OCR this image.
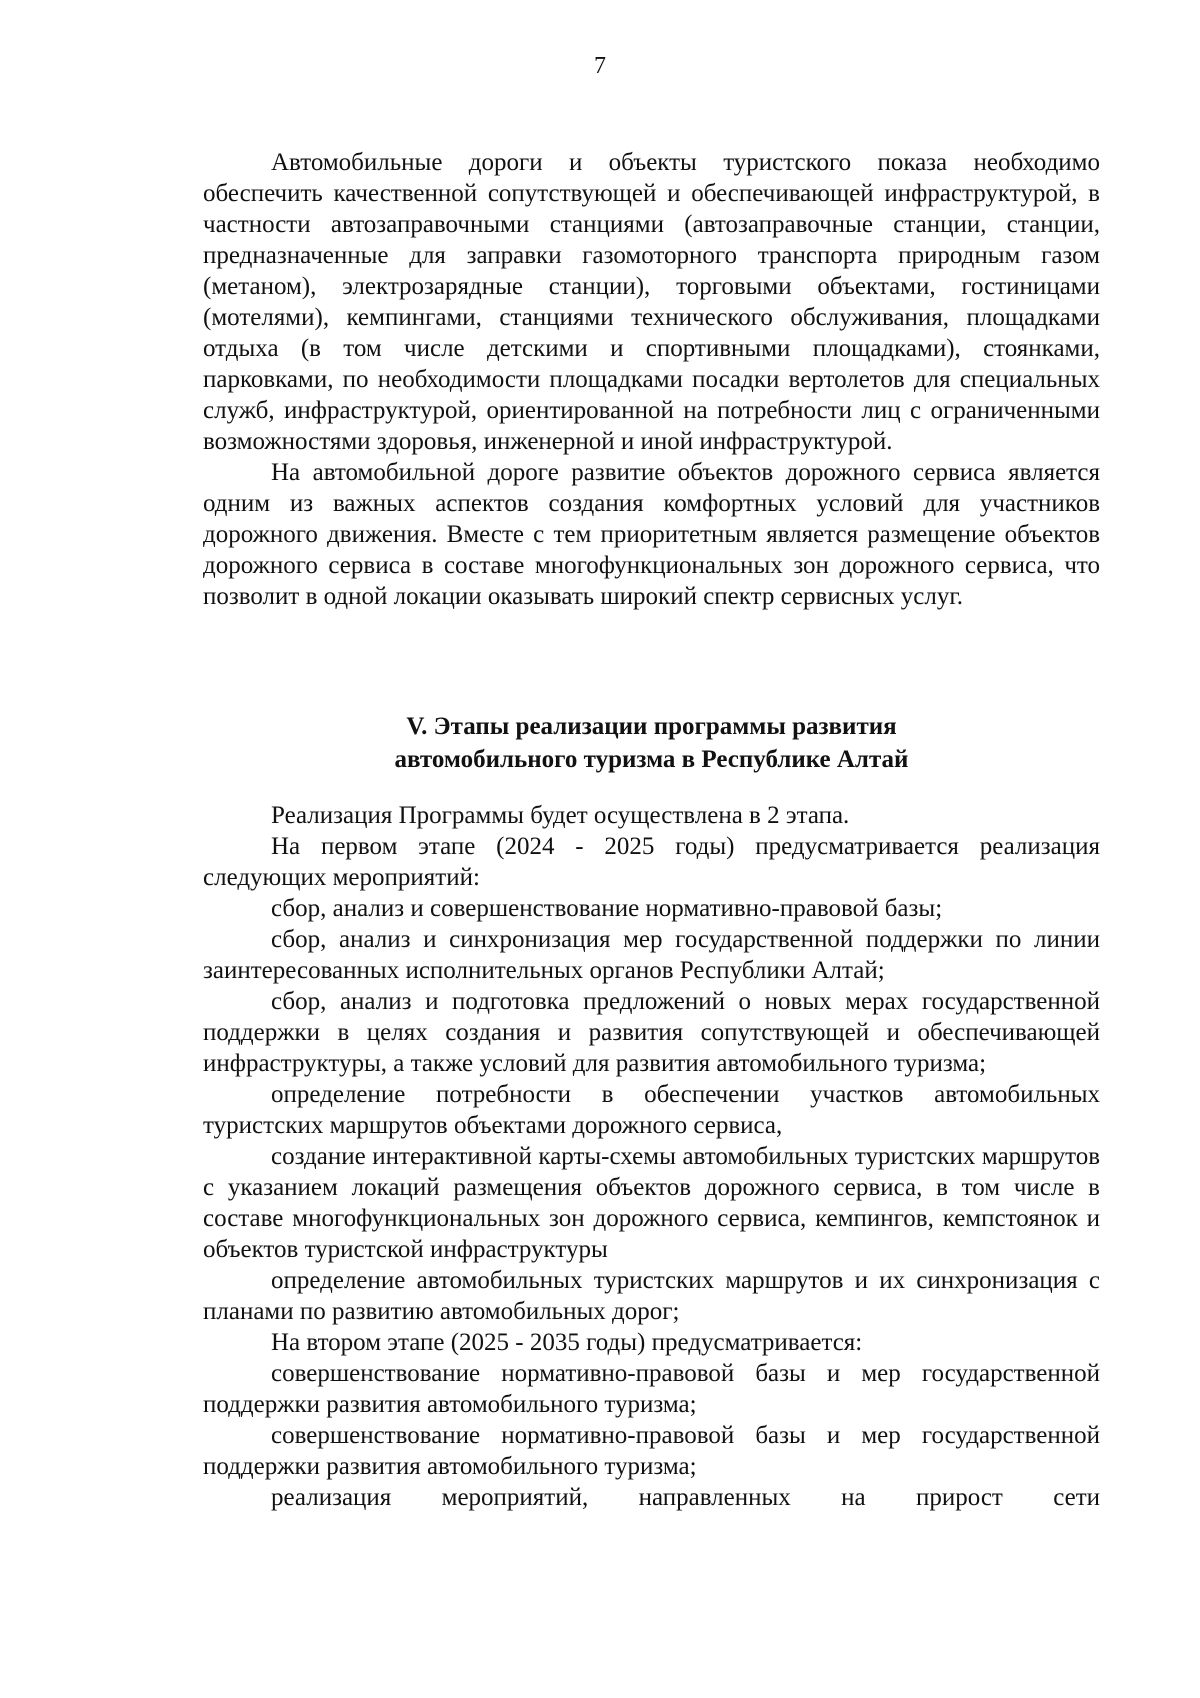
7

Автомобильные дороги и объекты туристского показа необходимо обеспечить качественной сопутствующей и обеспечивающей инфраструктурой, в частности автозаправочными станциями (автозаправочные станции, станции, предназначенные для заправки газомоторного транспорта природным газом (метаном), электрозарядные станции), торговыми объектами, гостиницами (мотелями), кемпингами, станциями технического обслуживания, площадками отдыха (в том числе детскими и спортивными площадками), стоянками, парковками, по необходимости площадками посадки вертолетов для специальных служб, инфраструктурой, ориентированной на потребности лиц с ограниченными возможностями здоровья, инженерной и иной инфраструктурой.

На автомобильной дороге развитие объектов дорожного сервиса является одним из важных аспектов создания комфортных условий для участников дорожного движения. Вместе с тем приоритетным является размещение объектов дорожного сервиса в составе многофункциональных зон дорожного сервиса, что позволит в одной локации оказывать широкий спектр сервисных услуг.

V. Этапы реализации программы развития
автомобильного туризма в Республике Алтай

Реализация Программы будет осуществлена в 2 этапа.

На первом этапе (2024 - 2025 годы) предусматривается реализация следующих мероприятий:

сбор, анализ и совершенствование нормативно-правовой базы;

сбор, анализ и синхронизация мер государственной поддержки по линии заинтересованных исполнительных органов Республики Алтай;

сбор, анализ и подготовка предложений о новых мерах государственной поддержки в целях создания и развития сопутствующей и обеспечивающей инфраструктуры, а также условий для развития автомобильного туризма;

определение потребности в обеспечении участков автомобильных туристских маршрутов объектами дорожного сервиса,

создание интерактивной карты-схемы автомобильных туристских маршрутов с указанием локаций размещения объектов дорожного сервиса, в том числе в составе многофункциональных зон дорожного сервиса, кемпингов, кемпстоянок и объектов туристской инфраструктуры

определение автомобильных туристских маршрутов и их синхронизация с планами по развитию автомобильных дорог;

На втором этапе (2025 - 2035 годы) предусматривается:

совершенствование нормативно-правовой базы и мер государственной поддержки развития автомобильного туризма;

совершенствование нормативно-правовой базы и мер государственной поддержки развития автомобильного туризма;

реализация мероприятий, направленных на прирост сети
